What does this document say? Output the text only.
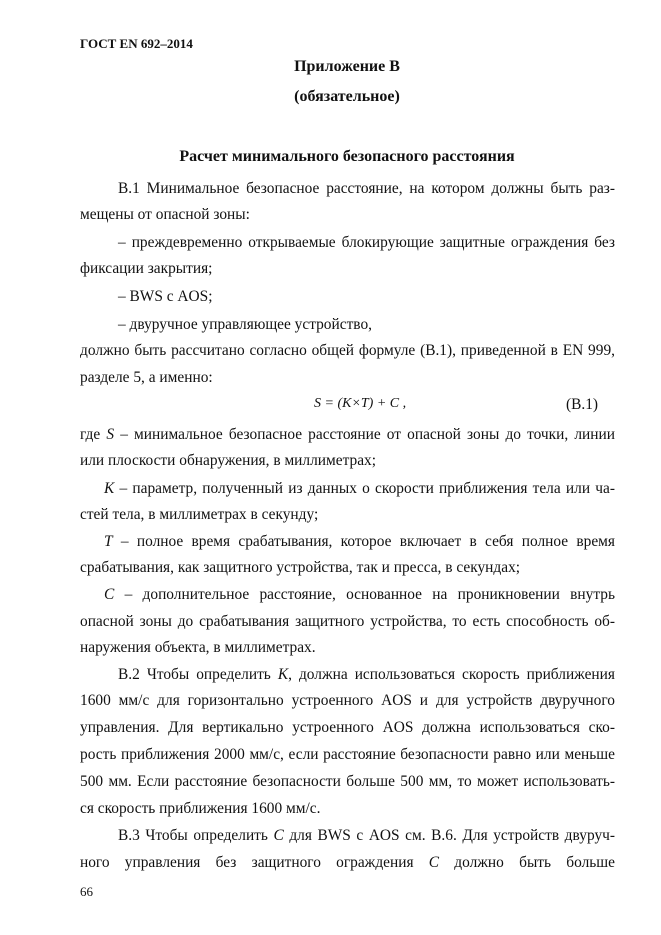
ГОСТ EN 692–2014
Приложение В
(обязательное)
Расчет минимального безопасного расстояния
В.1 Минимальное безопасное расстояние, на котором должны быть раз-
мещены от опасной зоны:
– преждевременно открываемые блокирующие защитные ограждения без
фиксации закрытия;
– BWS с AOS;
– двуручное управляющее устройство,
должно быть рассчитано согласно общей формуле (В.1), приведенной в EN 999,
разделе 5, а именно:
S = (K×T) + C ,	(B.1)
где S – минимальное безопасное расстояние от опасной зоны до точки, линии
или плоскости обнаружения, в миллиметрах;
K – параметр, полученный из данных о скорости приближения тела или ча-
стей тела, в миллиметрах в секунду;
T – полное время срабатывания, которое включает в себя полное время
срабатывания, как защитного устройства, так и пресса, в секундах;
C – дополнительное расстояние, основанное на проникновении внутрь
опасной зоны до срабатывания защитного устройства, то есть способность об-
наружения объекта, в миллиметрах.
В.2 Чтобы определить K, должна использоваться скорость приближения
1600 мм/с для горизонтально устроенного AOS и для устройств двуручного
управления. Для вертикально устроенного AOS должна использоваться ско-
рость приближения 2000 мм/с, если расстояние безопасности равно или меньше
500 мм. Если расстояние безопасности больше 500 мм, то может использовать-
ся скорость приближения 1600 мм/с.
В.3 Чтобы определить C для BWS с AOS см. В.6. Для устройств двуруч-
ного управления без защитного ограждения C должно быть больше
66
